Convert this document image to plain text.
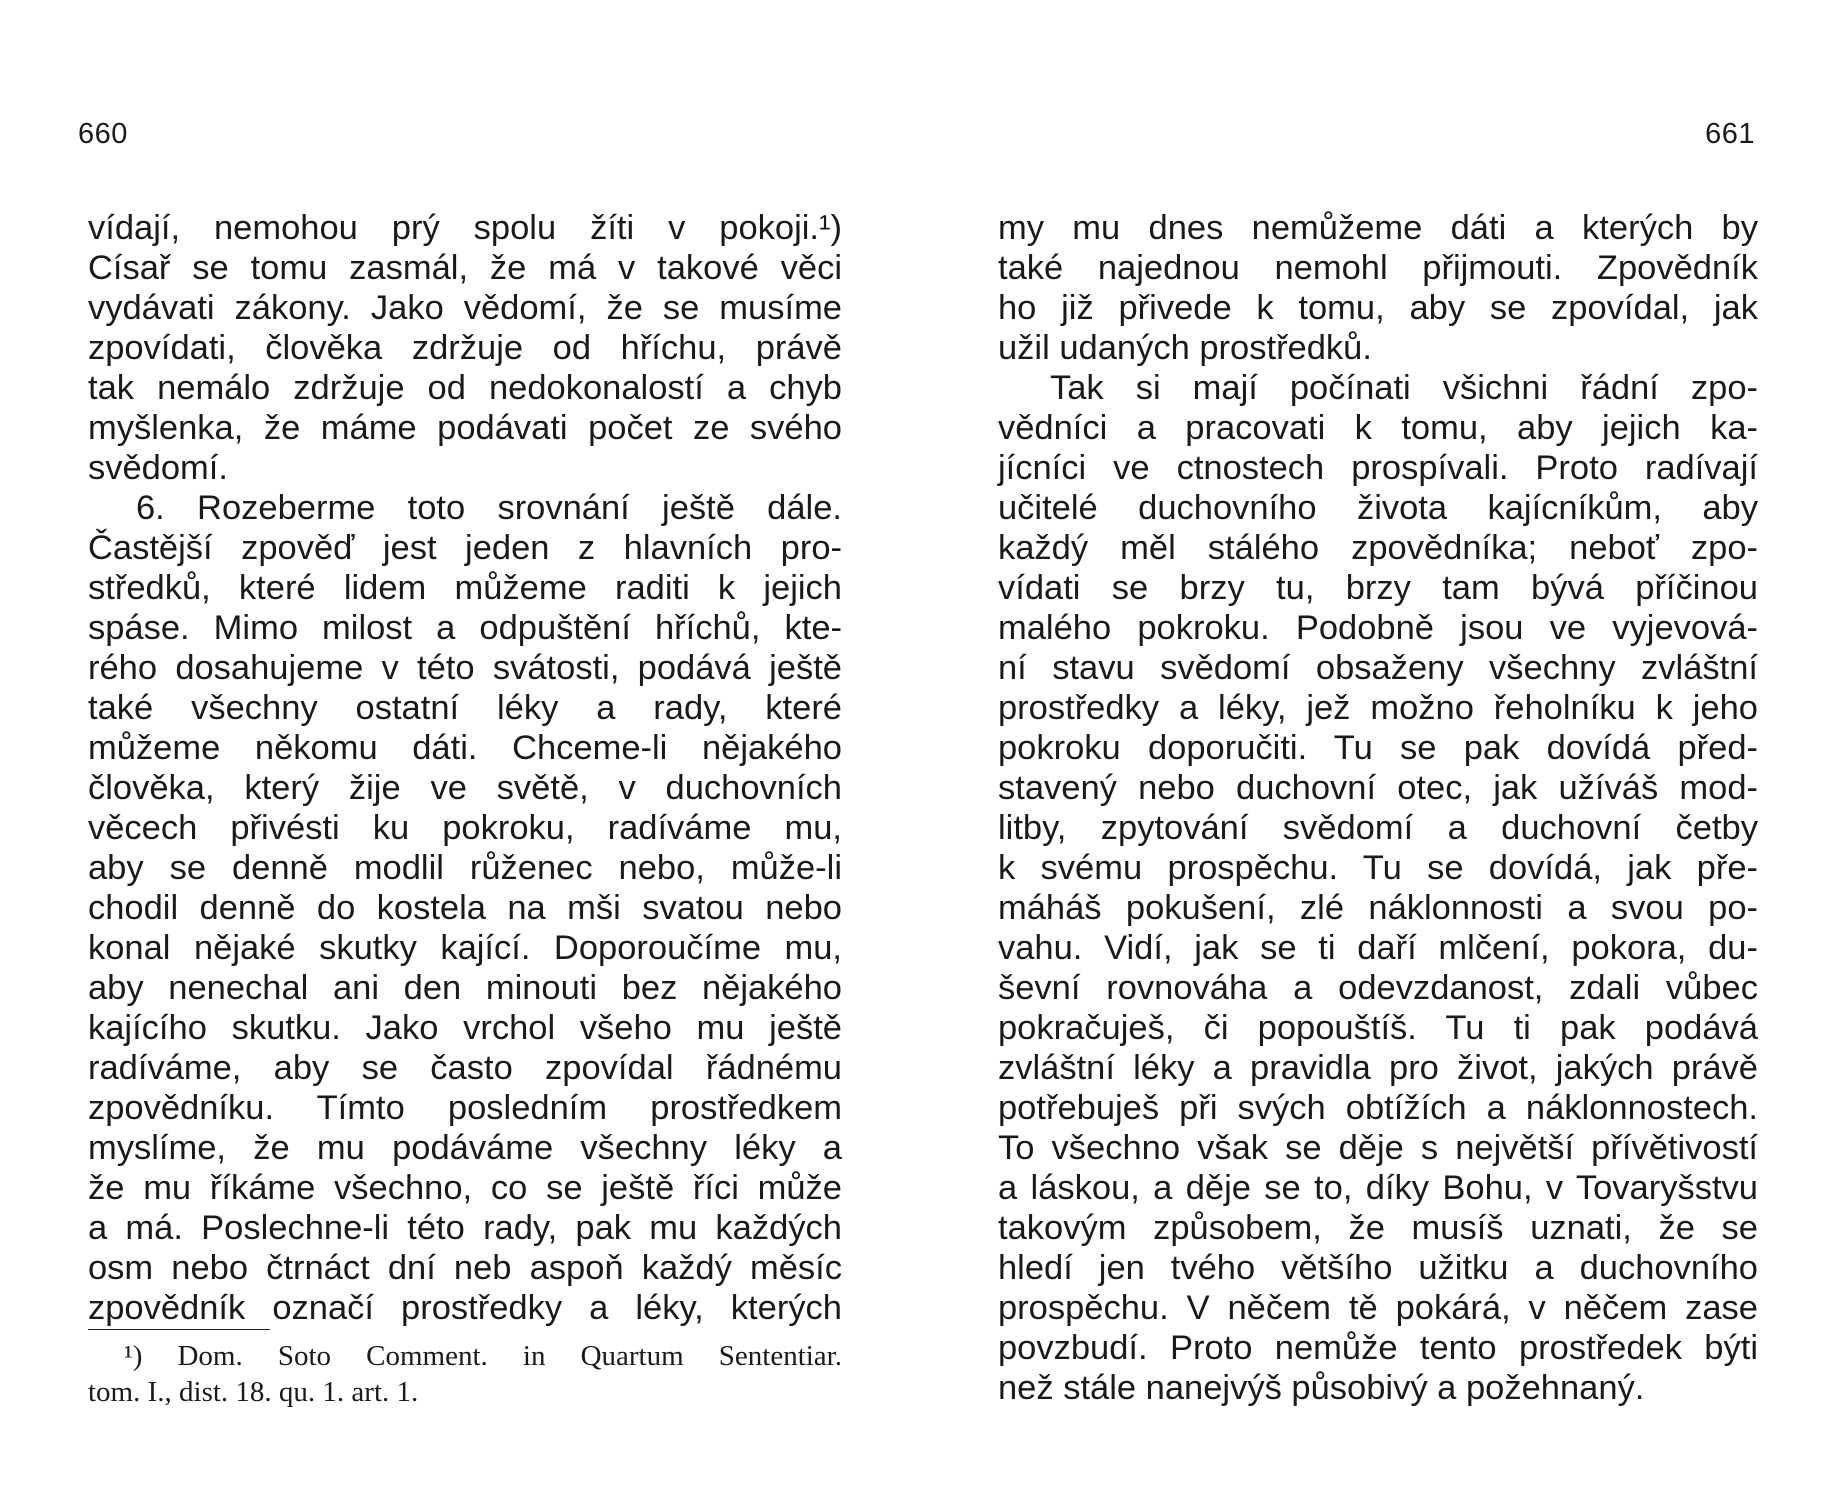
660
vídají, nemohou prý spolu žíti v pokoji.¹)
Císař se tomu zasmál, že má v takové věci
vydávati zákony. Jako vědomí, že se musíme
zpovídati, člověka zdržuje od hříchu, právě
tak nemálo zdržuje od nedokonalostí a chyb
myšlenka, že máme podávati počet ze svého
svědomí.
6. Rozeberme toto srovnání ještě dále.
Častější zpověď jest jeden z hlavních pro-
středků, které lidem můžeme raditi k jejich
spáse. Mimo milost a odpuštění hříchů, kte-
rého dosahujeme v této svátosti, podává ještě
také všechny ostatní léky a rady, které
můžeme někomu dáti. Chceme-li nějakého
člověka, který žije ve světě, v duchovních
věcech přivésti ku pokroku, radíváme mu,
aby se denně modlil růženec nebo, může-li
chodil denně do kostela na mši svatou nebo
konal nějaké skutky kající. Doporoučíme mu,
aby nenechal ani den minouti bez nějakého
kajícího skutku. Jako vrchol všeho mu ještě
radíváme, aby se často zpovídal řádnému
zpovědníku. Tímto posledním prostředkem
myslíme, že mu podáváme všechny léky a
že mu říkáme všechno, co se ještě říci může
a má. Poslechne-li této rady, pak mu každých
osm nebo čtrnáct dní neb aspoň každý měsíc
zpovědník označí prostředky a léky, kterých
¹) Dom. Soto Comment. in Quartum Sententiar.
tom. I., dist. 18. qu. 1. art. 1.
661
my mu dnes nemůžeme dáti a kterých by
také najednou nemohl přijmouti. Zpovědník
ho již přivede k tomu, aby se zpovídal, jak
užil udaných prostředků.
Tak si mají počínati všichni řádní zpo-
vědníci a pracovati k tomu, aby jejich ka-
jícníci ve ctnostech prospívali. Proto radívají
učitelé duchovního života kajícníkům, aby
každý měl stálého zpovědníka; neboť zpo-
vídati se brzy tu, brzy tam bývá příčinou
malého pokroku. Podobně jsou ve vyjevová-
ní stavu svědomí obsaženy všechny zvláštní
prostředky a léky, jež možno řeholníku k jeho
pokroku doporučiti. Tu se pak dovídá před-
stavený nebo duchovní otec, jak užíváš mod-
litby, zpytování svědomí a duchovní četby
k svému prospěchu. Tu se dovídá, jak pře-
máháš pokušení, zlé náklonnosti a svou po-
vahu. Vidí, jak se ti daří mlčení, pokora, du-
ševní rovnováha a odevzdanost, zdali vůbec
pokračuješ, či popouštíš. Tu ti pak podává
zvláštní léky a pravidla pro život, jakých právě
potřebuješ při svých obtížích a náklonnostech.
To všechno však se děje s největší přívětivostí
a láskou, a děje se to, díky Bohu, v Tovaryšstvu
takovým způsobem, že musíš uznati, že se
hledí jen tvého většího užitku a duchovního
prospěchu. V něčem tě pokárá, v něčem zase
povzbudí. Proto nemůže tento prostředek býti
než stále nanejvýš působivý a požehnaný.
